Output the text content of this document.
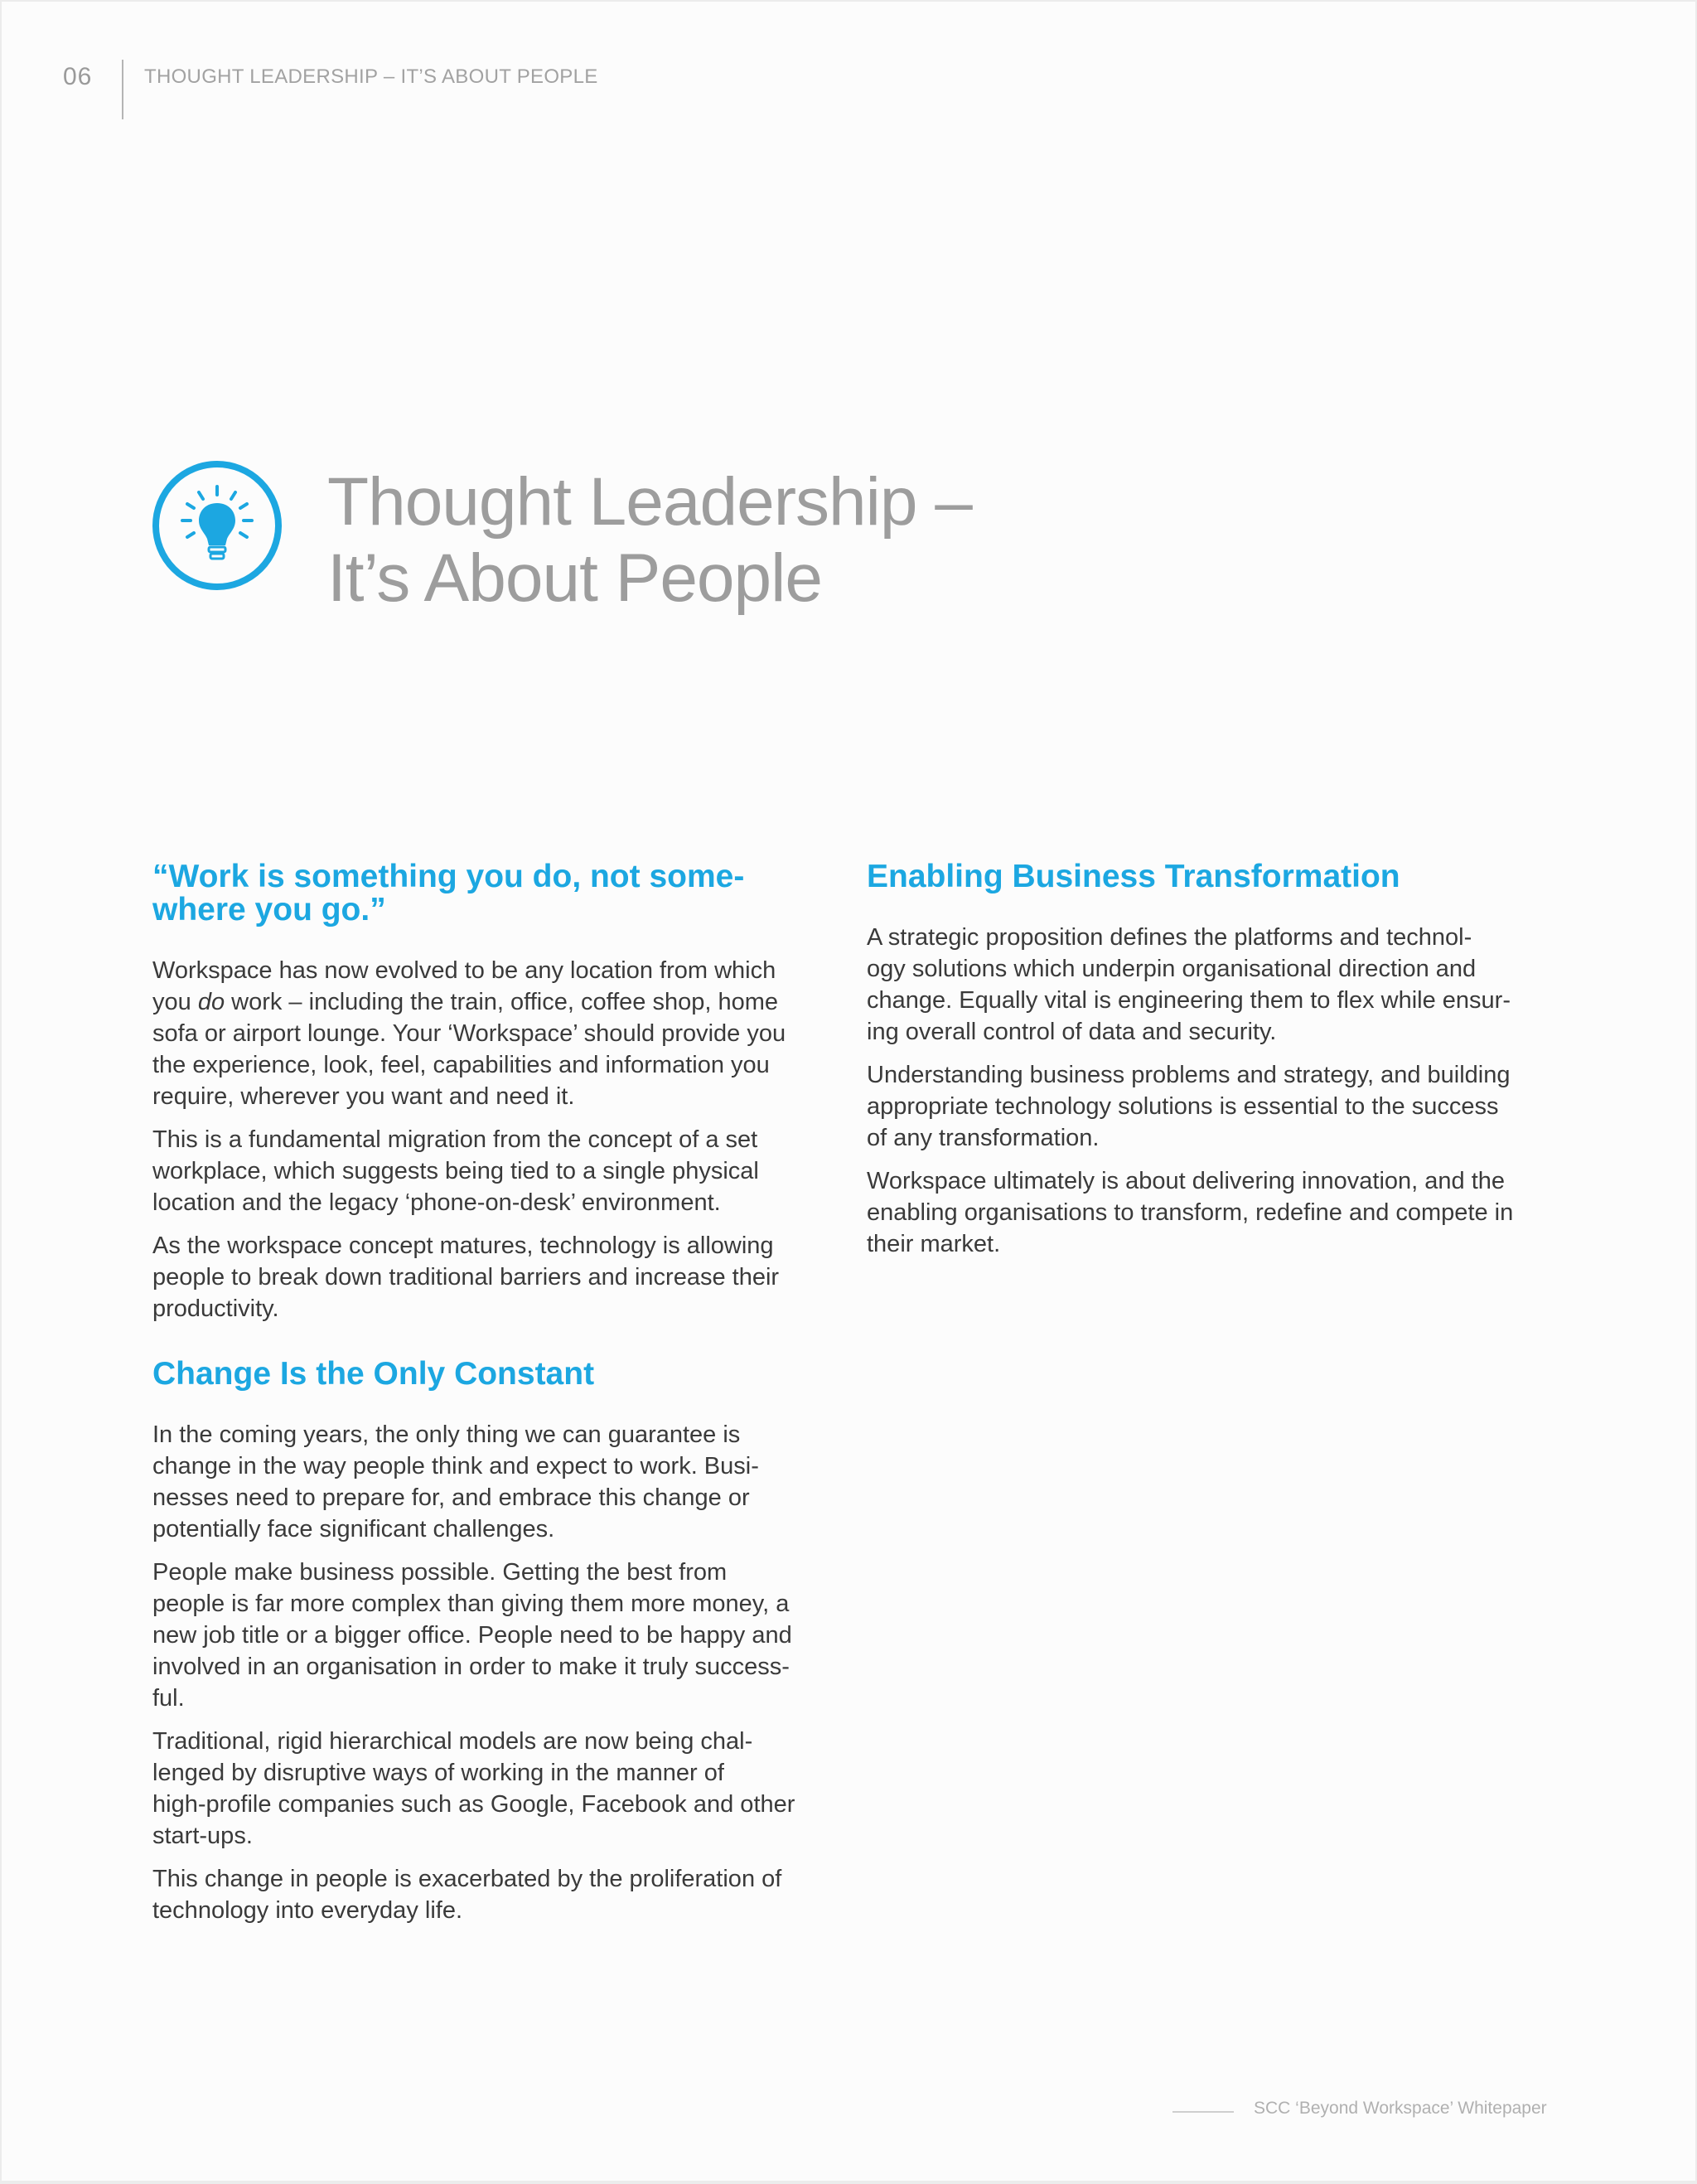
06	THOUGHT LEADERSHIP – IT’S ABOUT PEOPLE
Thought Leadership –
It’s About People
“Work is something you do, not some-
where you go.”

Workspace has now evolved to be any location from which
you do work – including the train, office, coffee shop, home
sofa or airport lounge. Your ‘Workspace’ should provide you
the experience, look, feel, capabilities and information you
require, wherever you want and need it.

This is a fundamental migration from the concept of a set
workplace, which suggests being tied to a single physical
location and the legacy ‘phone-on-desk’ environment.

As the workspace concept matures, technology is allowing
people to break down traditional barriers and increase their
productivity.

Change Is the Only Constant

In the coming years, the only thing we can guarantee is
change in the way people think and expect to work. Busi-
nesses need to prepare for, and embrace this change or
potentially face significant challenges.

People make business possible. Getting the best from
people is far more complex than giving them more money, a
new job title or a bigger office. People need to be happy and
involved in an organisation in order to make it truly success-
ful.

Traditional, rigid hierarchical models are now being chal-
lenged by disruptive ways of working in the manner of
high-profile companies such as Google, Facebook and other
start-ups.

This change in people is exacerbated by the proliferation of
technology into everyday life.

Enabling Business Transformation

A strategic proposition defines the platforms and technol-
ogy solutions which underpin organisational direction and
change. Equally vital is engineering them to flex while ensur-
ing overall control of data and security.

Understanding business problems and strategy, and building
appropriate technology solutions is essential to the success
of any transformation.

Workspace ultimately is about delivering innovation, and the
enabling organisations to transform, redefine and compete in
their market.

SCC ‘Beyond Workspace’ Whitepaper
